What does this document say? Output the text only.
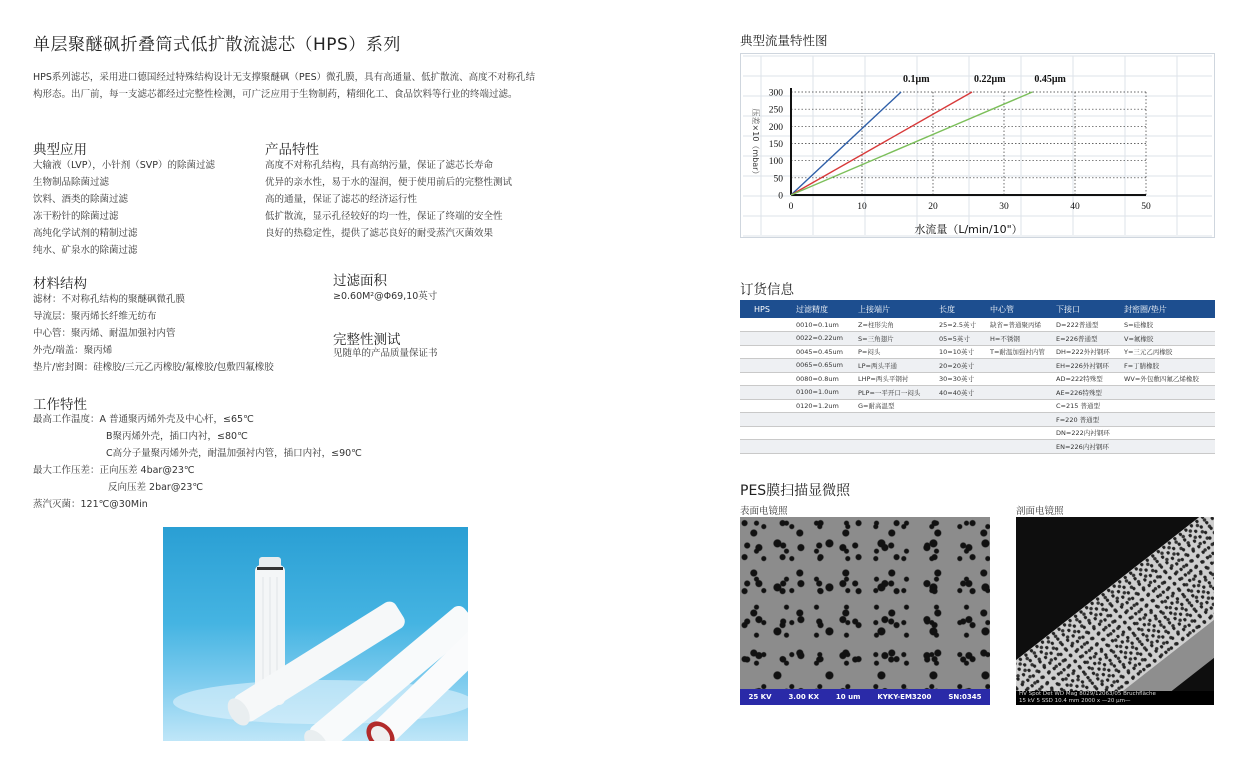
单层聚醚砜折叠筒式低扩散流滤芯（HPS）系列
HPS系列滤芯，采用进口德国经过特殊结构设计无支撑聚醚砜（PES）微孔膜，具有高通量、低扩散流、高度不对称孔结构形态。出厂前，每一支滤芯都经过完整性检测，可广泛应用于生物制药，精细化工、食品饮料等行业的终端过滤。
典型应用
大输液（LVP），小针剂（SVP）的除菌过滤
生物制品除菌过滤
饮料、酒类的除菌过滤
冻干粉针的除菌过滤
高纯化学试剂的精制过滤
纯水、矿泉水的除菌过滤
产品特性
高度不对称孔结构，具有高纳污量，保证了滤芯长寿命
优异的亲水性，易于水的湿润，便于使用前后的完整性测试
高的通量，保证了滤芯的经济运行性
低扩散流，显示孔径较好的均一性，保证了终端的安全性
良好的热稳定性，提供了滤芯良好的耐受蒸汽灭菌效果
材料结构
滤材：不对称孔结构的聚醚砜微孔膜
导流层：聚丙烯长纤维无纺布
中心管：聚丙烯、耐温加强衬内管
外壳/端盖：聚丙烯
垫片/密封圈：硅橡胶/三元乙丙橡胶/氟橡胶/包敷四氟橡胶
过滤面积
≥0.60M²@Φ69,10英寸
完整性测试
见随单的产品质量保证书
工作特性
最高工作温度：A 普通聚丙烯外壳及中心杆，≤65℃
B聚丙烯外壳，插口内衬，≤80℃
C高分子量聚丙烯外壳，耐温加强衬内管，插口内衬，≤90℃
最大工作压差：正向压差 4bar@23℃
反向压差 2bar@23℃
蒸汽灭菌：121℃@30Min
典型流量特性图
0.1μm	0.22μm	0.45μm
0	10	20	30	40	50
0
50
100
150
200
250
300
水流量（L/min/10"）
压差×10（mbar）
订货信息
HPS	过滤精度	上接端片	长度	中心管	下接口	封密圈/垫片
	0010=0.1um	Z=柱形尖角	25=2.5英寸	缺省=普通聚丙烯	D=222普通型	S=硅橡胶
	0022=0.22um	S=三角翅片	05=5英寸	H=不锈钢	E=226普通型	V=氟橡胶
	0045=0.45um	P=闷头	10=10英寸	T=耐温加强衬内管	DH=222外衬钢环	Y=三元乙丙橡胶
	0065=0.65um	LP=两头平通	20=20英寸		EH=226外衬钢环	F=丁腈橡胶
	0080=0.8um	LHP=两头平钢衬	30=30英寸		AD=222特殊型	WV=外包敷四氟乙烯橡胶
	0100=1.0um	PLP=一平开口一闷头	40=40英寸		AE=226特殊型	
	0120=1.2um	G=耐高温型			C=215 普通型	
					F=220 普通型	
					DN=222内衬钢环	
					EN=226内衬钢环	
PES膜扫描显微照
表面电镜照	剖面电镜照
25 KV 3.00 KX 10 um KYKY-EM3200 SN:0345	HV Spot Det WD Mag 8029/12063/05 Bruchfläche
15 kV 5 SSD 10.4 mm 2000 x —20 μm—
